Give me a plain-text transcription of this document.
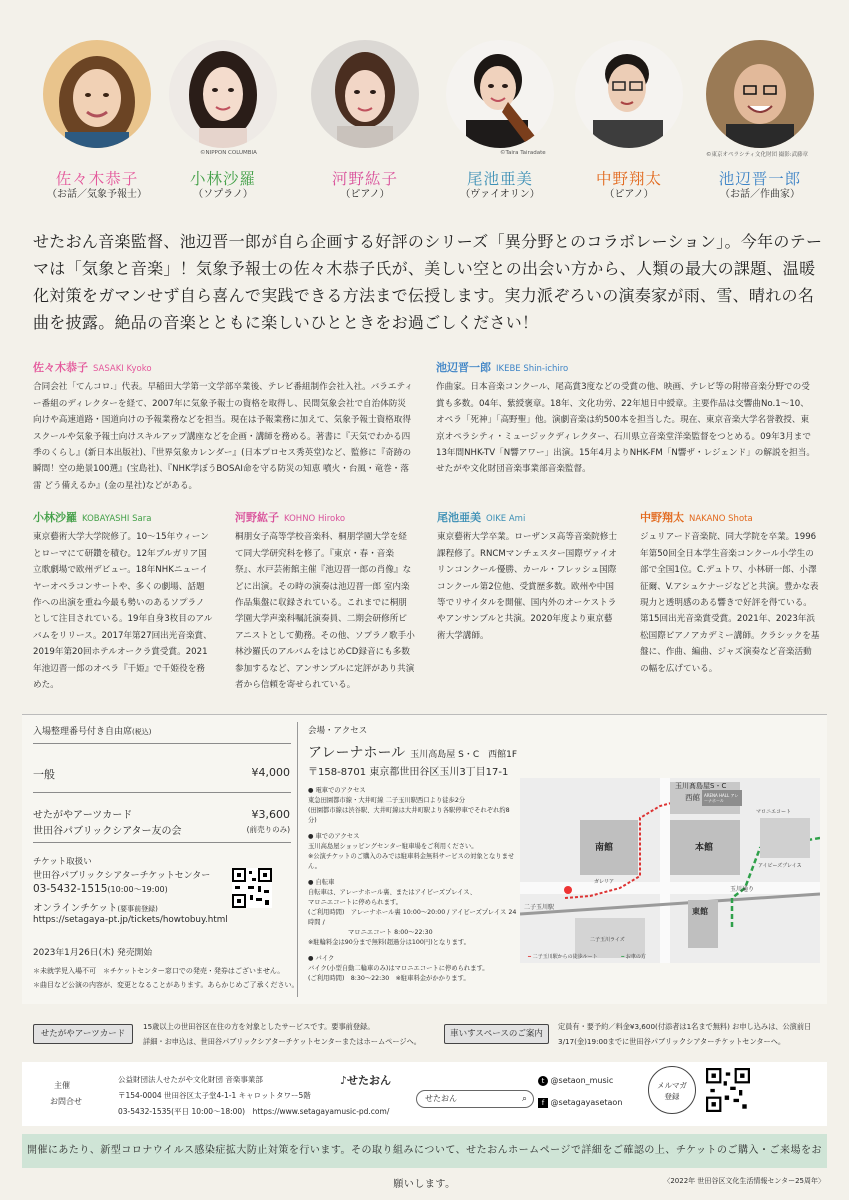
©NIPPON COLUMBIA	©Taira Tairadate	©東京オペラシティ文化財団 撮影:武藤章
佐々木恭子
（お話／気象予報士）
小林沙羅
（ソプラノ）
河野紘子
（ピアノ）
尾池亜美
（ヴァイオリン）
中野翔太
（ピアノ）
池辺晋一郎
（お話／作曲家）
せたおん音楽監督、池辺晋一郎が自ら企画する好評のシリーズ「異分野とのコラボレーション」。今年のテーマは「気象と音楽」！気象予報士の佐々木恭子氏が、美しい空との出会い方から、人類の最大の課題、温暖化対策をガマンせず自ら喜んで実践できる方法まで伝授します。実力派ぞろいの演奏家が雨、雪、晴れの名曲を披露。絶品の音楽とともに楽しいひとときをお過ごしください！
佐々木恭子 SASAKI Kyoko
合同会社「てんコロ.」代表。早稲田大学第一文学部卒業後、テレビ番組制作会社入社。バラエティー番組のディレクターを経て、2007年に気象予報士の資格を取得し、民間気象会社で自治体防災向けや高速道路・国道向けの予報業務などを担当。現在は予報業務に加えて、気象予報士資格取得スクールや気象予報士向けスキルアップ講座などを企画・講師を務める。著書に『天気でわかる四季のくらし』(新日本出版社)、『世界気象カレンダー』(日本プロセス秀英堂)など、監修に『奇跡の瞬間！空の絶景100選』(宝島社)、『NHK学ぼうBOSAI命を守る防災の知恵 噴火・台風・竜巻・落雷 どう備えるか』(金の星社)などがある。
池辺晋一郎 IKEBE Shin-ichiro
作曲家。日本音楽コンクール、尾高賞3度などの受賞の他、映画、テレビ等の附帯音楽分野での受賞も多数。04年、紫綬褒章。18年、文化功労、22年旭日中綬章。主要作品は交響曲No.1〜10、オペラ「死神」「高野聖」他。演劇音楽は約500本を担当した。現在、東京音楽大学名誉教授、東京オペラシティ・ミュージックディレクター、石川県立音楽堂洋楽監督をつとめる。09年3月まで13年間NHK-TV「N響アワー」出演。15年4月よりNHK-FM「N響ザ・レジェンド」の解説を担当。せたがや文化財団音楽事業部音楽監督。
小林沙羅 KOBAYASHI Sara
東京藝術大学大学院修了。10〜15年ウィーンとローマにて研鑽を積む。12年ブルガリア国立歌劇場で欧州デビュー。18年NHKニューイヤーオペラコンサートや、多くの劇場、話題作への出演を重ね今最も勢いのあるソプラノとして注目されている。19年自身3枚目のアルバムをリリース。2017年第27回出光音楽賞、2019年第20回ホテルオークラ賞受賞。2021年池辺晋一郎のオペラ『千姫』で千姫役を務めた。
河野紘子 KOHNO Hiroko
桐朋女子高等学校音楽科、桐朋学園大学を経て同大学研究科を修了。『東京・春・音楽祭』、水戸芸術館主催『池辺晋一郎の肖像』などに出演。その時の演奏は池辺晋一郎 室内楽作品集盤に収録されている。これまでに桐朋学園大学声楽科嘱託演奏員、二期会研修所ピアニストとして勤務。その他、ソプラノ歌手小林沙羅氏のアルバムをはじめCD録音にも多数参加するなど、アンサンブルに定評があり共演者から信頼を寄せられている。
尾池亜美 OIKE Ami
東京藝術大学卒業。ローザンヌ高等音楽院修士課程修了。RNCMマンチェスター国際ヴァイオリンコンクール優勝、カール・フレッシュ国際コンクール第2位他、受賞歴多数。欧州や中国等でリサイタルを開催、国内外のオーケストラやアンサンブルと共演。2020年度より東京藝術大学講師。
中野翔太 NAKANO Shota
ジュリアード音楽院、同大学院を卒業。1996年第50回全日本学生音楽コンクール小学生の部で全国1位。C.デュトワ、小林研一郎、小澤征爾、V.アシュケナージなどと共演。豊かな表現力と透明感のある響きで好評を得ている。第15回出光音楽賞受賞。2021年、2023年浜松国際ピアノアカデミー講師。クラシックを基盤に、作曲、編曲、ジャズ演奏など音楽活動の幅を広げている。
入場整理番号付き自由席(税込)
一般	¥4,000
せたがやアーツカード
世田谷パブリックシアター友の会
¥3,600
(前売りのみ)
チケット取扱い
世田谷パブリックシアターチケットセンター
03-5432-1515(10:00〜19:00)
オンラインチケット(要事前登録)
https://setagaya-pt.jp/tickets/howtobuy.html
2023年1月26日(木) 発売開始
＊未就学児入場不可　＊チケットセンター窓口での発売・発券はございません。
＊曲目など公演の内容が、変更となることがあります。あらかじめご了承ください。
会場・アクセス
アレーナホール 玉川高島屋 S・C　西館1F
〒158-8701 東京都世田谷区玉川3丁目17-1
● 電車でのアクセス
東急田園都市線・大井町線 二子玉川駅西口より徒歩2分
(田園都市線は渋谷駅、大井町線は大井町駅より各駅停車でそれぞれ約8分)
● 車でのアクセス
玉川高島屋ショッピングセンター駐車場をご利用ください。
※公演チケットのご購入のみでは駐車料金無料サービスの対象となりません。
● 自転車
自転車は、アレーナホール裏、またはアイビーズプレイス、
マロニエコートに停められます。
(ご利用時間)　アレーナホール裏 10:00〜20:00 / アイビーズプレイス 24時間 /
マロニエコート 8:00〜22:30
※駐輪料金は90分まで無料(超過分は100円)となります。
● バイク
バイク(小型自動二輪車のみ)はマロニエコートに停められます。
(ご利用時間)　8:30〜22:30　※駐車料金がかかります。
玉川髙島屋S・C
西館 ARENA HALL アレーナホール
南館	本館
マロニエコート
アイビーズプレイス
玉川通り
東館
二子玉川駅
ガレリア
二子玉川ライズ
━ 二子玉川駅からの徒歩ルート	━ お車の方
せたがやアーツカード
15歳以上の世田谷区在住の方を対象としたサービスです。要事前登録。
詳細・お申込は、世田谷パブリックシアターチケットセンターまたはホームページへ。
車いすスペースのご案内
定員有・要予約／料金¥3,600(付添者は1名まで無料) お申し込みは、公演前日
3/17(金)19:00までに世田谷パブリックシアターチケットセンターへ。
主催
お問合せ
公益財団法人せたがや文化財団 音楽事業部
〒154-0004 世田谷区太子堂4-1-1 キャロットタワー5階
03-5432-1535(平日 10:00〜18:00)　 https://www.setagayamusic-pd.com/
♪せたおん
せたおん	⌕
t @setaon_music
f @setagayasetaon
メルマガ
登録
開催にあたり、新型コロナウイルス感染症拡大防止対策を行います。その取り組みについて、せたおんホームページで詳細をご確認の上、チケットのご購入・ご来場をお願いします。	〈2022年 世田谷区文化生活情報センター25周年〉
